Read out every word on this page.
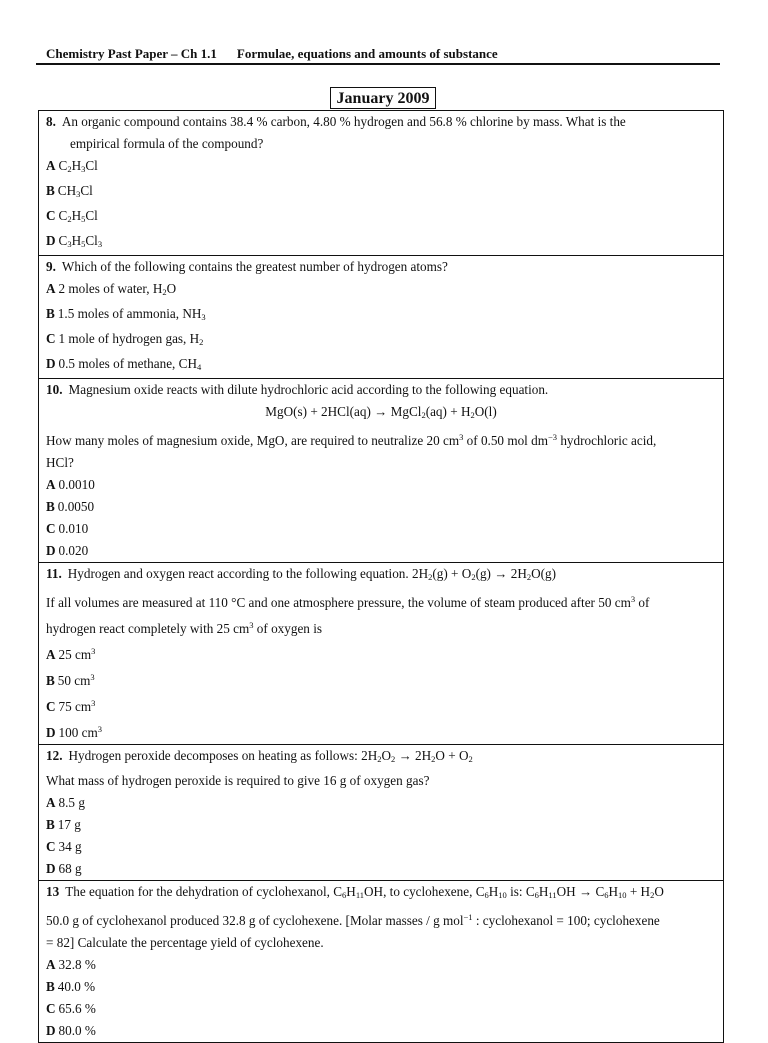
Chemistry Past Paper – Ch 1.1 Formulae, equations and amounts of substance
January 2009
8. An organic compound contains 38.4 % carbon, 4.80 % hydrogen and 56.8 % chlorine by mass. What is the
empirical formula of the compound?
A $C_2H_3Cl$
B $CH_3Cl$
C $C_2H_5Cl$
D $C_3H_5Cl_3$
9. Which of the following contains the greatest number of hydrogen atoms?
A 2 moles of water, $H_2O$
B 1.5 moles of ammonia, $NH_3$
C 1 mole of hydrogen gas, $H_2$
D 0.5 moles of methane, $CH_4$
10. Magnesium oxide reacts with dilute hydrochloric acid according to the following equation.
MgO(s) + 2HCl(aq) → MgCl$_2$(aq) + $H_2O(l)$
How many moles of magnesium oxide, MgO, are required to neutralize 20 $cm^3$ of 0.50 mol $dm^{-3}$ hydrochloric acid,
HCl?
A 0.0010
B 0.0050
C 0.010
D 0.020
11. Hydrogen and oxygen react according to the following equation. $2H_2(g) + O_2(g) \to 2H_2O(g)$
If all volumes are measured at 110 °C and one atmosphere pressure, the volume of steam produced after 50 $cm^3$ of
hydrogen react completely with 25 $cm^3$ of oxygen is
A 25 $cm^3$
B 50 $cm^3$
C 75 $cm^3$
D 100 $cm^3$
12. Hydrogen peroxide decomposes on heating as follows: $2H_2O_2 \to 2H_2O + O_2$
What mass of hydrogen peroxide is required to give 16 g of oxygen gas?
A 8.5 g
B 17 g
C 34 g
D 68 g
13 The equation for the dehydration of cyclohexanol, $C_6H_{11}OH$, to cyclohexene, $C_6H_{10}$ is: $C_6H_{11}OH \to C_6H_{10} + H_2O$
50.0 g of cyclohexanol produced 32.8 g of cyclohexene. [Molar masses / g mol$^{-1}$ : cyclohexanol = 100; cyclohexene
= 82] Calculate the percentage yield of cyclohexene.
A 32.8 %
B 40.0 %
C 65.6 %
D 80.0 %
